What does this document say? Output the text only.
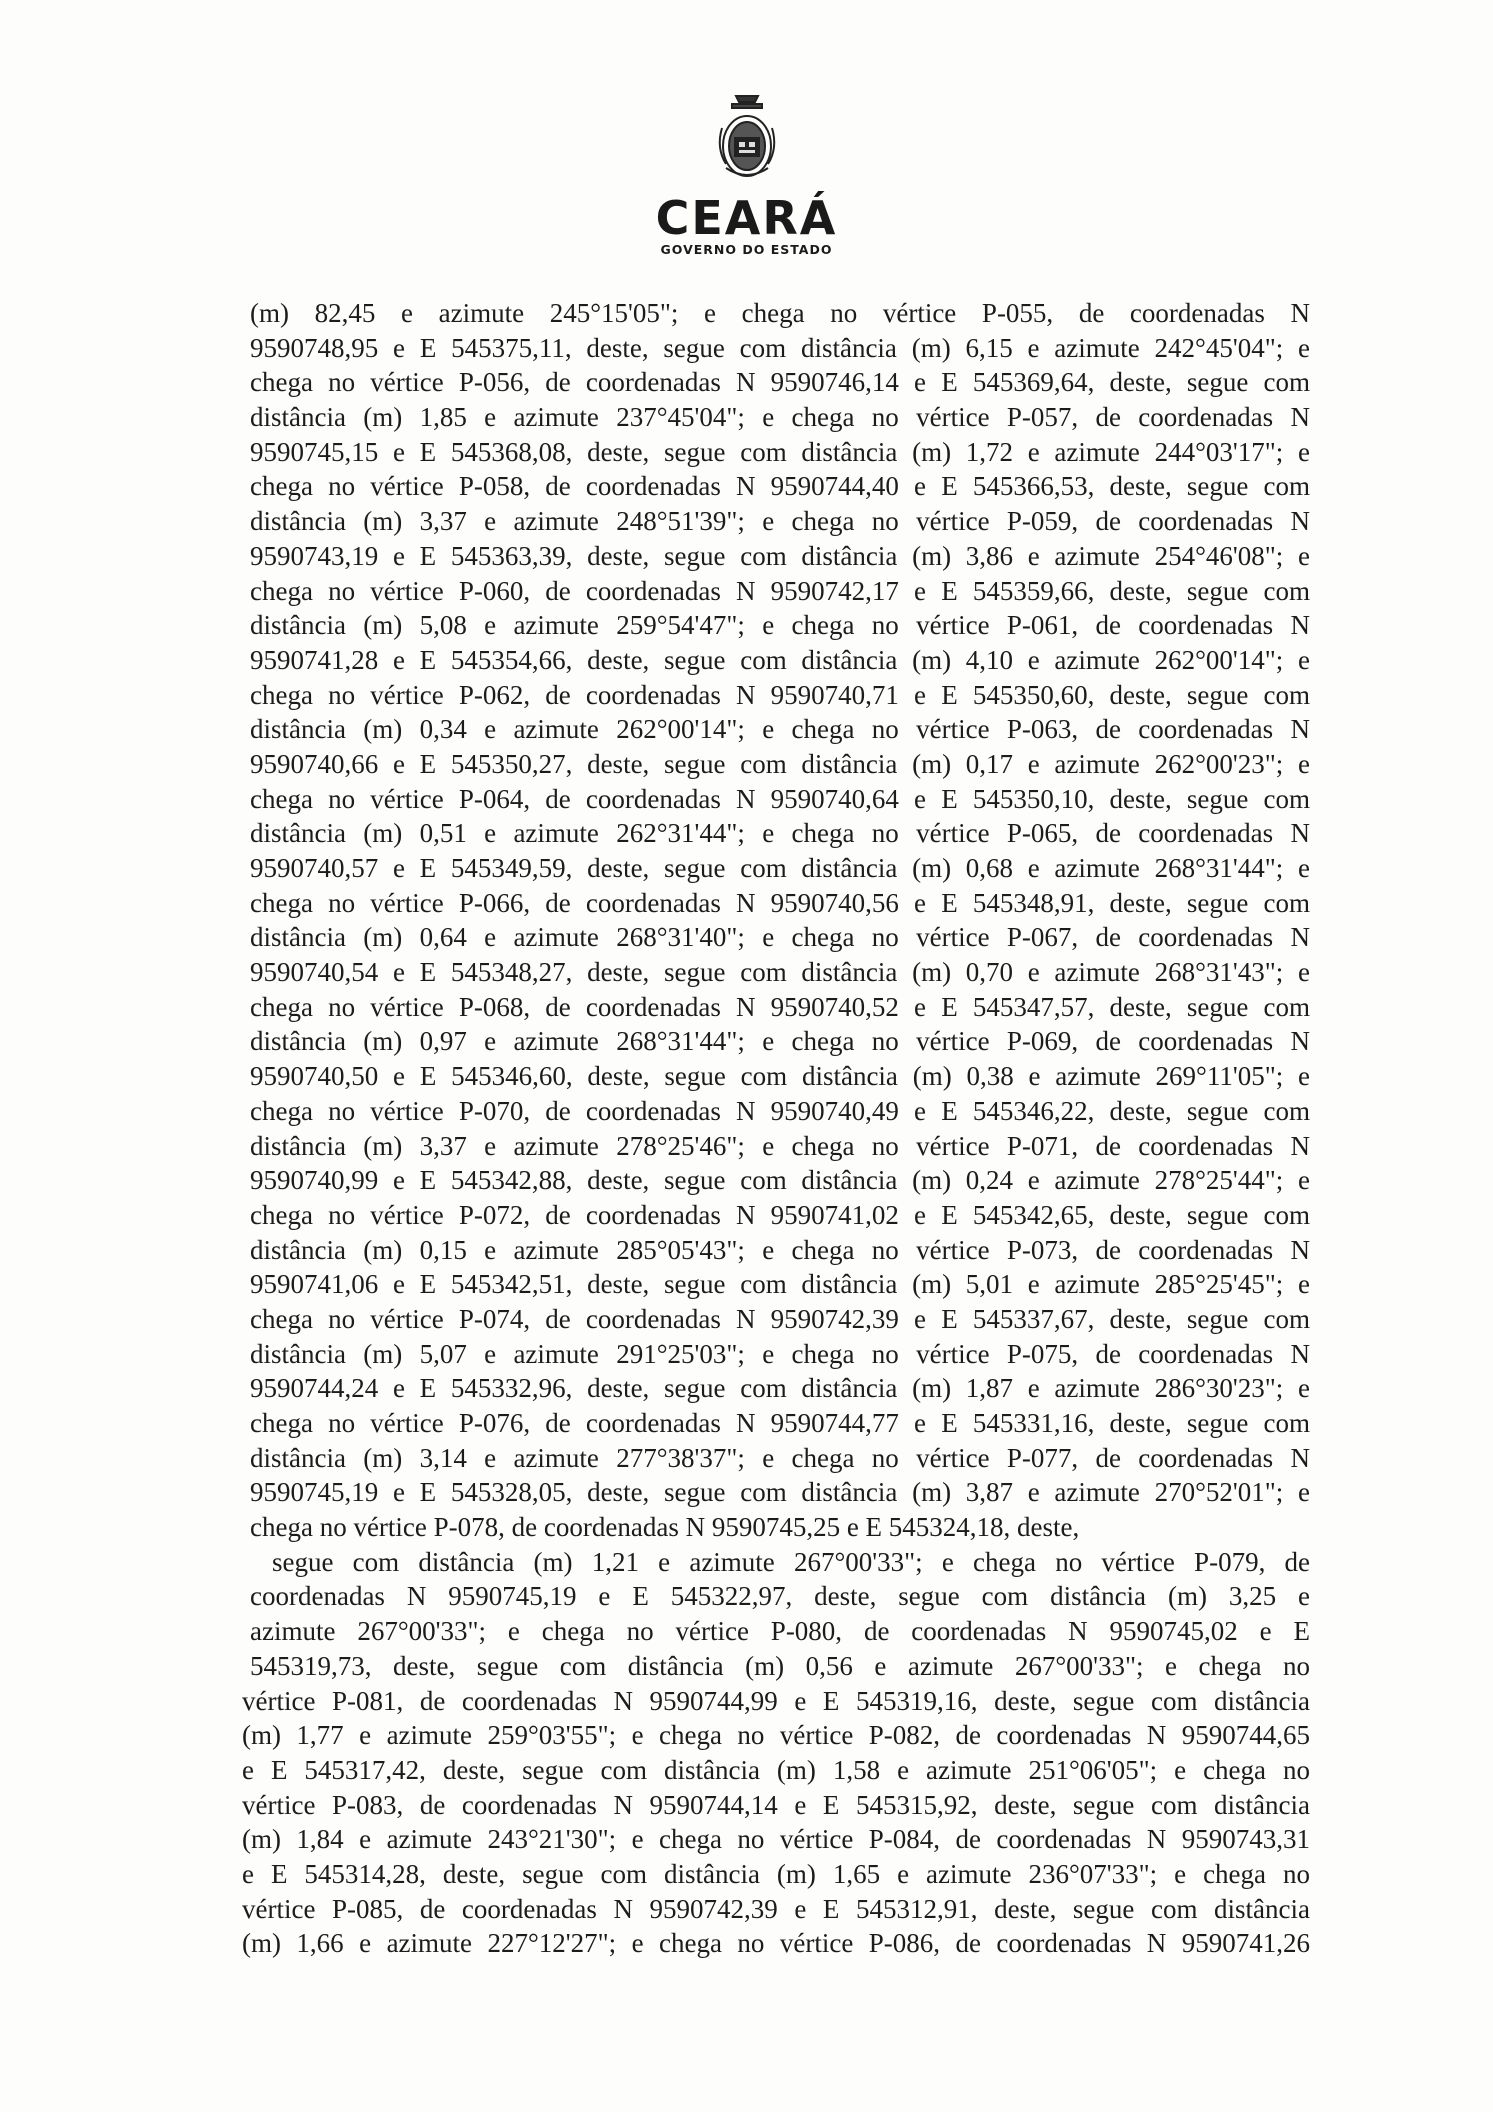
CEARÁ
GOVERNO DO ESTADO
(m) 82,45 e azimute 245°15'05"; e chega no vértice P-055, de coordenadas N
9590748,95 e E 545375,11, deste, segue com distância (m) 6,15 e azimute 242°45'04"; e
chega no vértice P-056, de coordenadas N 9590746,14 e E 545369,64, deste, segue com
distância (m) 1,85 e azimute 237°45'04"; e chega no vértice P-057, de coordenadas N
9590745,15 e E 545368,08, deste, segue com distância (m) 1,72 e azimute 244°03'17"; e
chega no vértice P-058, de coordenadas N 9590744,40 e E 545366,53, deste, segue com
distância (m) 3,37 e azimute 248°51'39"; e chega no vértice P-059, de coordenadas N
9590743,19 e E 545363,39, deste, segue com distância (m) 3,86 e azimute 254°46'08"; e
chega no vértice P-060, de coordenadas N 9590742,17 e E 545359,66, deste, segue com
distância (m) 5,08 e azimute 259°54'47"; e chega no vértice P-061, de coordenadas N
9590741,28 e E 545354,66, deste, segue com distância (m) 4,10 e azimute 262°00'14"; e
chega no vértice P-062, de coordenadas N 9590740,71 e E 545350,60, deste, segue com
distância (m) 0,34 e azimute 262°00'14"; e chega no vértice P-063, de coordenadas N
9590740,66 e E 545350,27, deste, segue com distância (m) 0,17 e azimute 262°00'23"; e
chega no vértice P-064, de coordenadas N 9590740,64 e E 545350,10, deste, segue com
distância (m) 0,51 e azimute 262°31'44"; e chega no vértice P-065, de coordenadas N
9590740,57 e E 545349,59, deste, segue com distância (m) 0,68 e azimute 268°31'44"; e
chega no vértice P-066, de coordenadas N 9590740,56 e E 545348,91, deste, segue com
distância (m) 0,64 e azimute 268°31'40"; e chega no vértice P-067, de coordenadas N
9590740,54 e E 545348,27, deste, segue com distância (m) 0,70 e azimute 268°31'43"; e
chega no vértice P-068, de coordenadas N 9590740,52 e E 545347,57, deste, segue com
distância (m) 0,97 e azimute 268°31'44"; e chega no vértice P-069, de coordenadas N
9590740,50 e E 545346,60, deste, segue com distância (m) 0,38 e azimute 269°11'05"; e
chega no vértice P-070, de coordenadas N 9590740,49 e E 545346,22, deste, segue com
distância (m) 3,37 e azimute 278°25'46"; e chega no vértice P-071, de coordenadas N
9590740,99 e E 545342,88, deste, segue com distância (m) 0,24 e azimute 278°25'44"; e
chega no vértice P-072, de coordenadas N 9590741,02 e E 545342,65, deste, segue com
distância (m) 0,15 e azimute 285°05'43"; e chega no vértice P-073, de coordenadas N
9590741,06 e E 545342,51, deste, segue com distância (m) 5,01 e azimute 285°25'45"; e
chega no vértice P-074, de coordenadas N 9590742,39 e E 545337,67, deste, segue com
distância (m) 5,07 e azimute 291°25'03"; e chega no vértice P-075, de coordenadas N
9590744,24 e E 545332,96, deste, segue com distância (m) 1,87 e azimute 286°30'23"; e
chega no vértice P-076, de coordenadas N 9590744,77 e E 545331,16, deste, segue com
distância (m) 3,14 e azimute 277°38'37"; e chega no vértice P-077, de coordenadas N
9590745,19 e E 545328,05, deste, segue com distância (m) 3,87 e azimute 270°52'01"; e
chega no vértice P-078, de coordenadas N 9590745,25 e E 545324,18, deste,
segue com distância (m) 1,21 e azimute 267°00'33"; e chega no vértice P-079, de
coordenadas N 9590745,19 e E 545322,97, deste, segue com distância (m) 3,25 e
azimute 267°00'33"; e chega no vértice P-080, de coordenadas N 9590745,02 e E
545319,73, deste, segue com distância (m) 0,56 e azimute 267°00'33"; e chega no
vértice P-081, de coordenadas N 9590744,99 e E 545319,16, deste, segue com distância
(m) 1,77 e azimute 259°03'55"; e chega no vértice P-082, de coordenadas N 9590744,65
e E 545317,42, deste, segue com distância (m) 1,58 e azimute 251°06'05"; e chega no
vértice P-083, de coordenadas N 9590744,14 e E 545315,92, deste, segue com distância
(m) 1,84 e azimute 243°21'30"; e chega no vértice P-084, de coordenadas N 9590743,31
e E 545314,28, deste, segue com distância (m) 1,65 e azimute 236°07'33"; e chega no
vértice P-085, de coordenadas N 9590742,39 e E 545312,91, deste, segue com distância
(m) 1,66 e azimute 227°12'27"; e chega no vértice P-086, de coordenadas N 9590741,26
